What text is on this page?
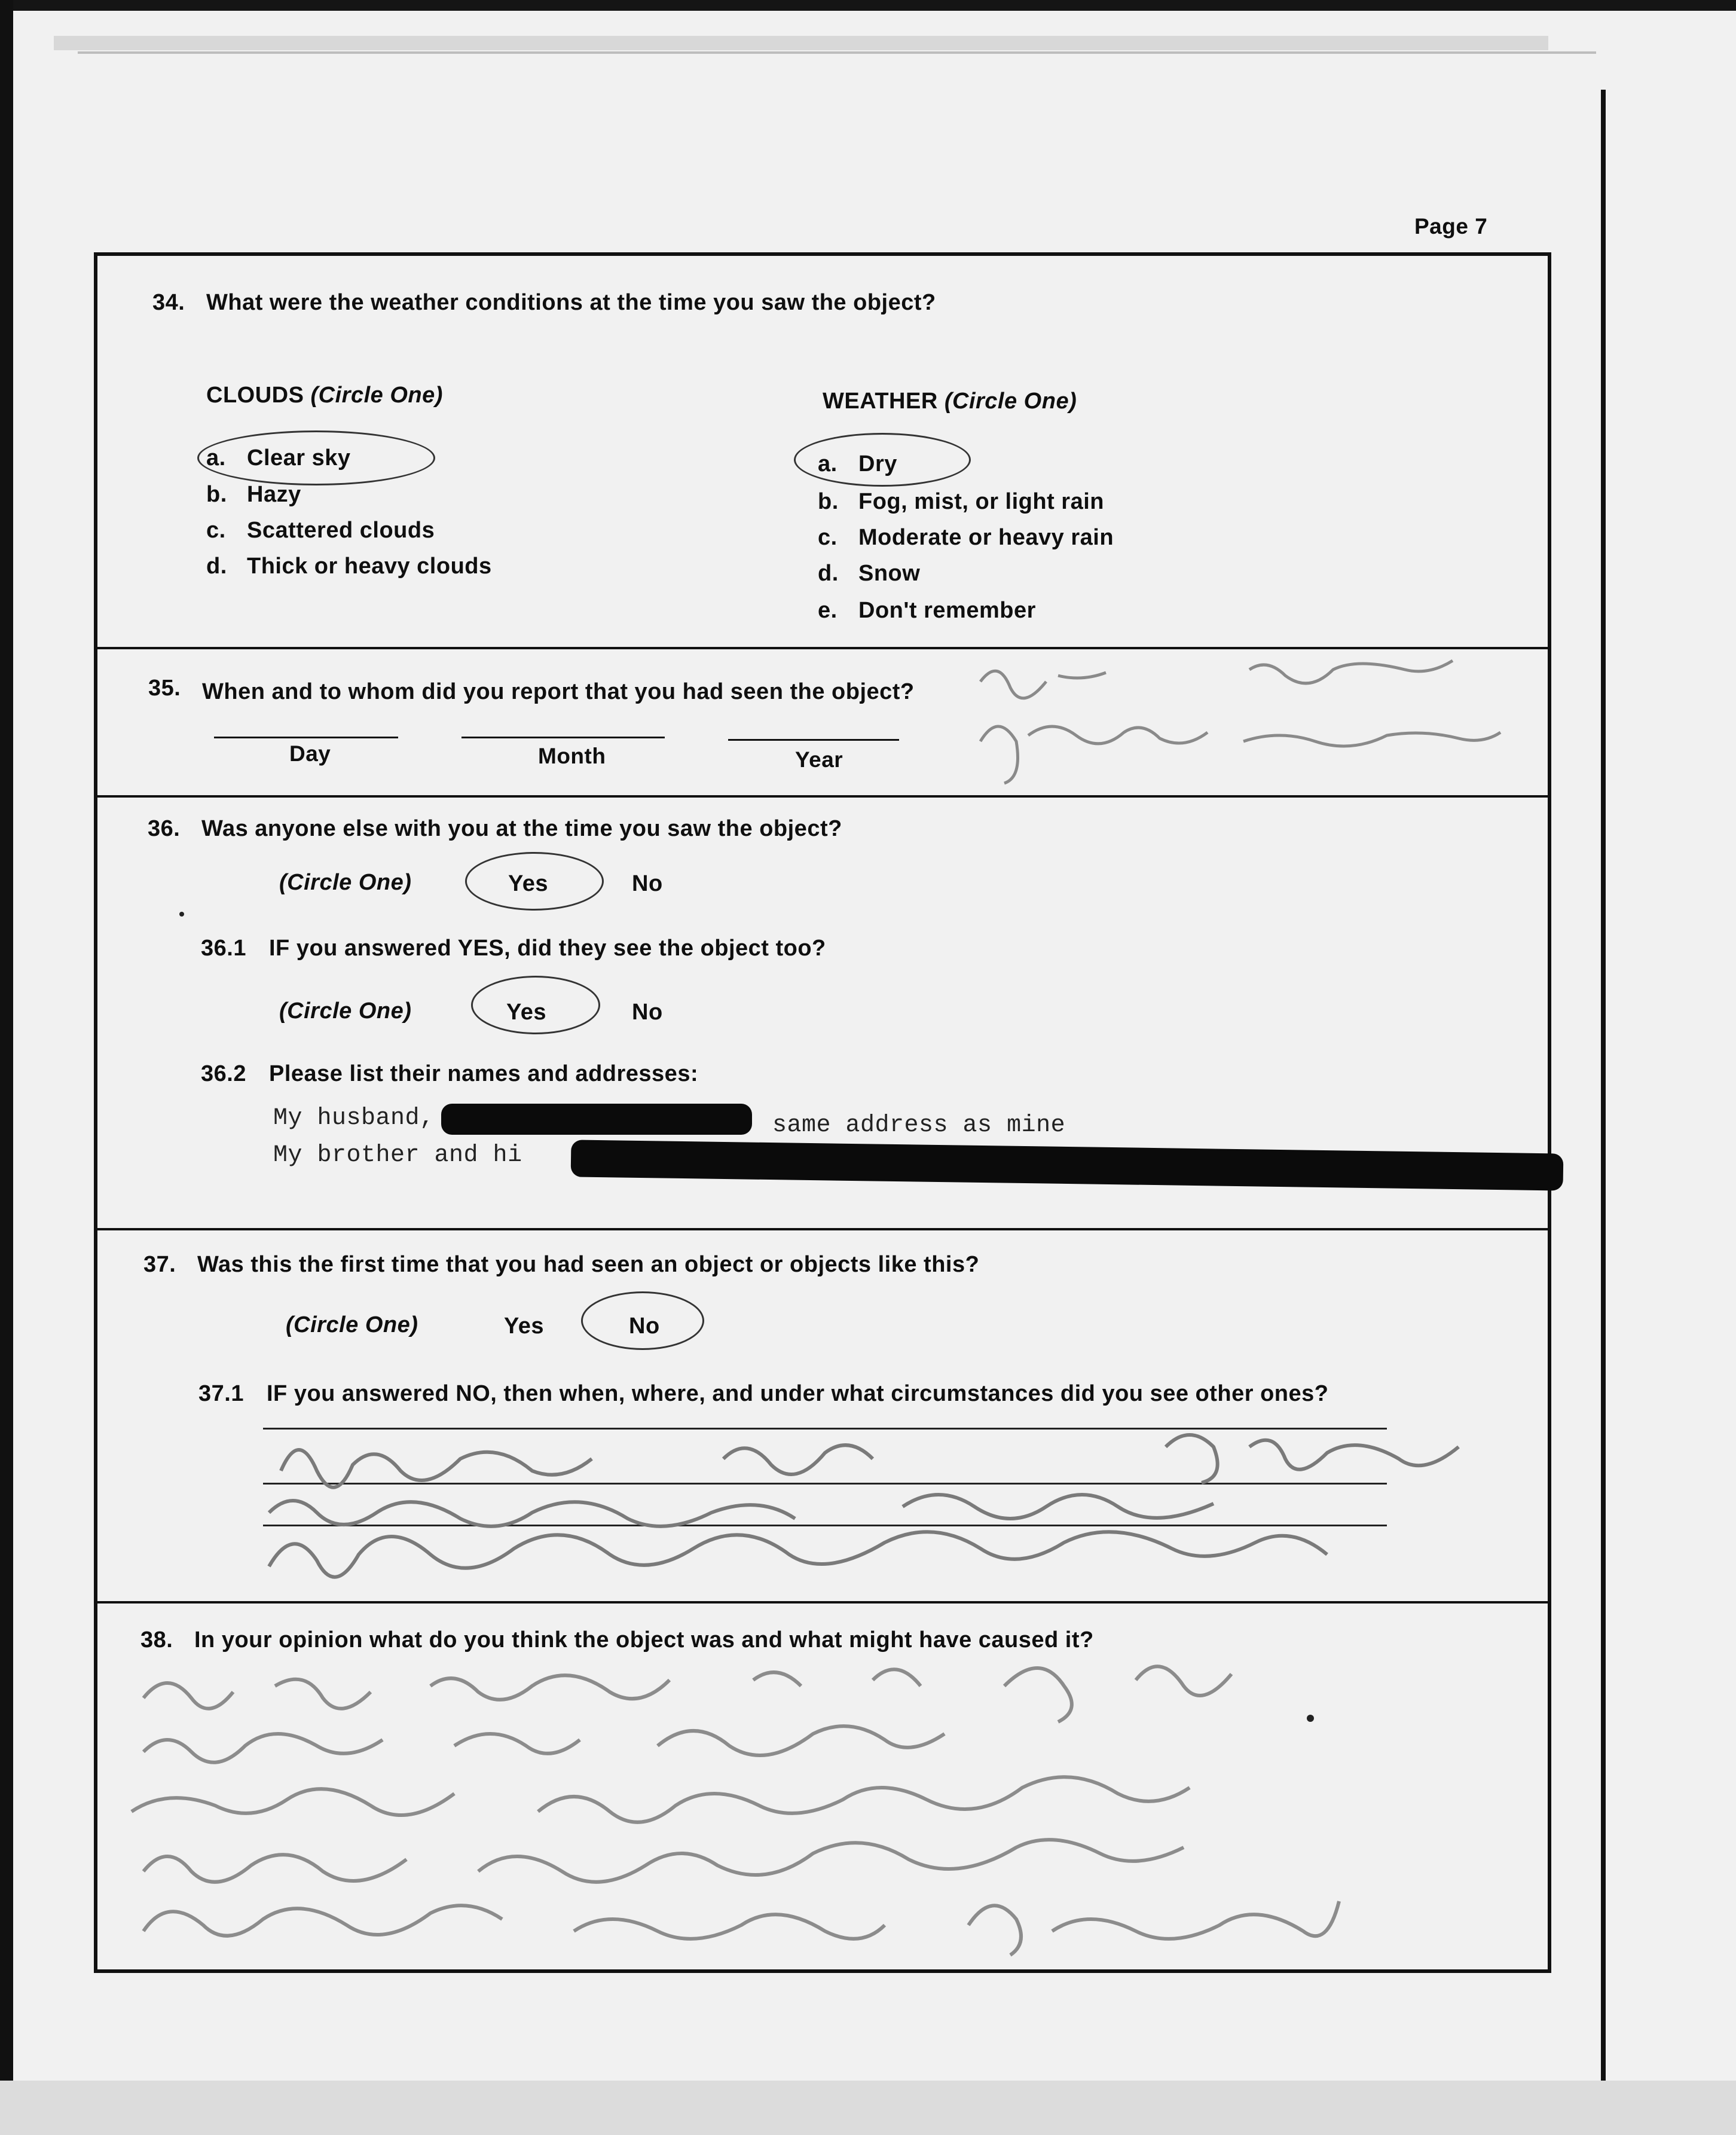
Page 7
34. What were the weather conditions at the time you saw the object?
CLOUDS (Circle One)	WEATHER (Circle One)
a. Clear sky
b. Hazy
c. Scattered clouds
d. Thick or heavy clouds
a. Dry
b. Fog, mist, or light rain
c. Moderate or heavy rain
d. Snow
e. Don't remember
35. When and to whom did you report that you had seen the object?
Day	Month	Year
36. Was anyone else with you at the time you saw the object?
(Circle One)	Yes	No
36.1 IF you answered YES, did they see the object too?
(Circle One)	Yes	No
36.2 Please list their names and addresses:
My husband,	same address as mine
My brother and hi
37. Was this the first time that you had seen an object or objects like this?
(Circle One)	Yes	No
37.1 IF you answered NO, then when, where, and under what circumstances did you see other ones?
38. In your opinion what do you think the object was and what might have caused it?
